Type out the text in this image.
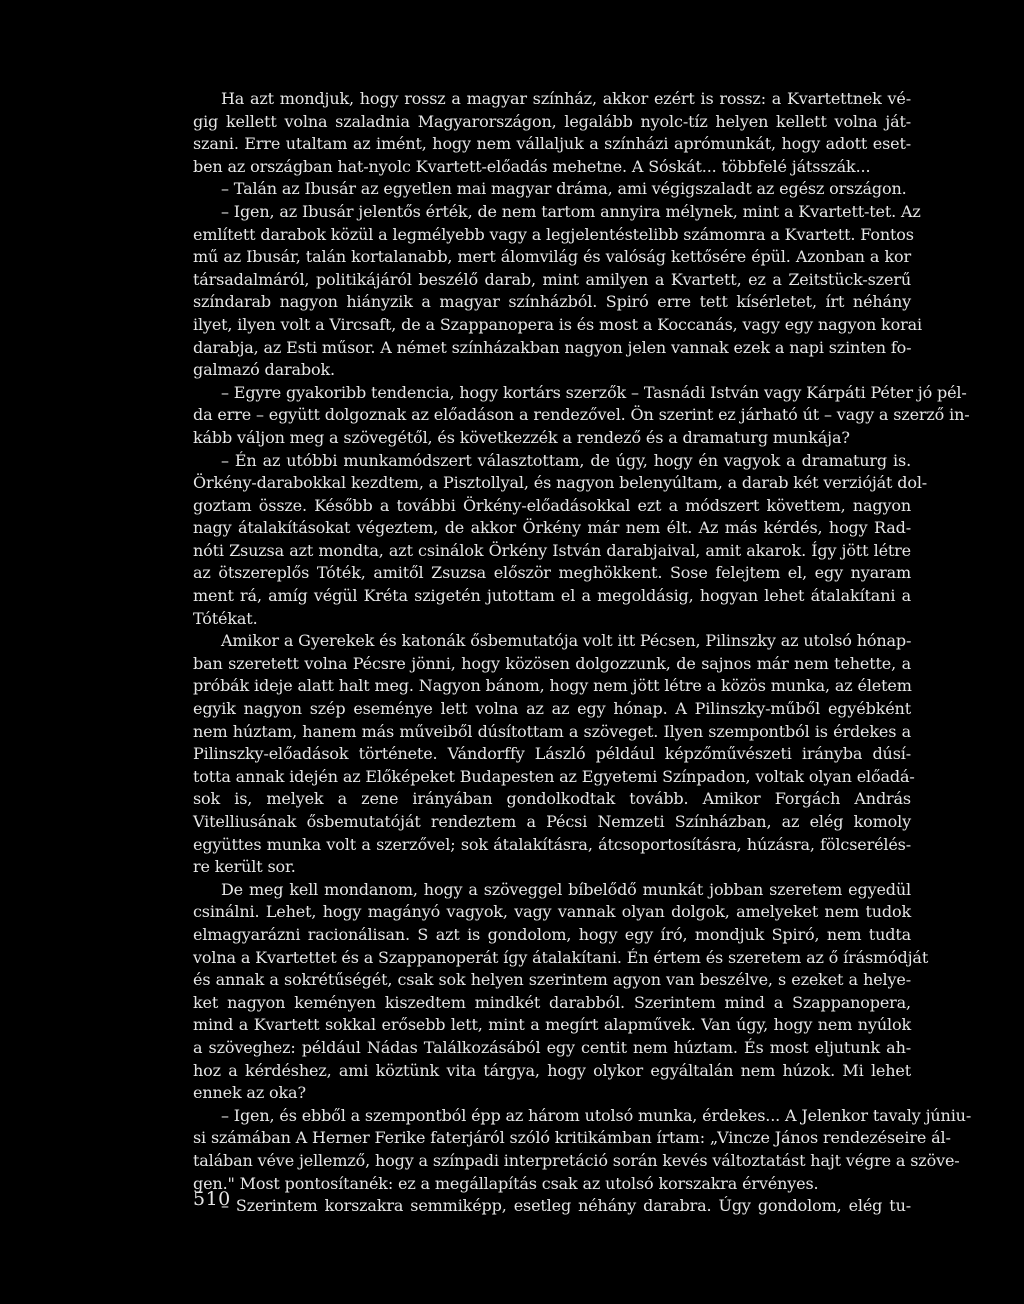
Ha azt mondjuk, hogy rossz a magyar színház, akkor ezért is rossz: a Kvartettnek vé-
gig kellett volna szaladnia Magyarországon, legalább nyolc-tíz helyen kellett volna ját-
szani. Erre utaltam az imént, hogy nem vállaljuk a színházi aprómunkát, hogy adott eset-
ben az országban hat-nyolc Kvartett-előadás mehetne. A Sóskát... többfelé játsszák...
– Talán az Ibusár az egyetlen mai magyar dráma, ami végigszaladt az egész országon.
– Igen, az Ibusár jelentős érték, de nem tartom annyira mélynek, mint a Kvartett-tet. Az
említett darabok közül a legmélyebb vagy a legjelentéstelibb számomra a Kvartett. Fontos
mű az Ibusár, talán kortalanabb, mert álomvilág és valóság kettősére épül. Azonban a kor
társadalmáról, politikájáról beszélő darab, mint amilyen a Kvartett, ez a Zeitstück-szerű
színdarab nagyon hiányzik a magyar színházból. Spiró erre tett kísérletet, írt néhány
ilyet, ilyen volt a Vircsaft, de a Szappanopera is és most a Koccanás, vagy egy nagyon korai
darabja, az Esti műsor. A német színházakban nagyon jelen vannak ezek a napi szinten fo-
galmazó darabok.
– Egyre gyakoribb tendencia, hogy kortárs szerzők – Tasnádi István vagy Kárpáti Péter jó pél-
da erre – együtt dolgoznak az előadáson a rendezővel. Ön szerint ez járható út – vagy a szerző in-
kább váljon meg a szövegétől, és következzék a rendező és a dramaturg munkája?
– Én az utóbbi munkamódszert választottam, de úgy, hogy én vagyok a dramaturg is.
Örkény-darabokkal kezdtem, a Pisztollyal, és nagyon belenyúltam, a darab két verzióját dol-
goztam össze. Később a további Örkény-előadásokkal ezt a módszert követtem, nagyon
nagy átalakításokat végeztem, de akkor Örkény már nem élt. Az más kérdés, hogy Rad-
nóti Zsuzsa azt mondta, azt csinálok Örkény István darabjaival, amit akarok. Így jött létre
az ötszereplős Tóték, amitől Zsuzsa először meghökkent. Sose felejtem el, egy nyaram
ment rá, amíg végül Kréta szigetén jutottam el a megoldásig, hogyan lehet átalakítani a
Tótékat.
Amikor a Gyerekek és katonák ősbemutatója volt itt Pécsen, Pilinszky az utolsó hónap-
ban szeretett volna Pécsre jönni, hogy közösen dolgozzunk, de sajnos már nem tehette, a
próbák ideje alatt halt meg. Nagyon bánom, hogy nem jött létre a közös munka, az életem
egyik nagyon szép eseménye lett volna az az egy hónap. A Pilinszky-műből egyébként
nem húztam, hanem más műveiből dúsítottam a szöveget. Ilyen szempontból is érdekes a
Pilinszky-előadások története. Vándorffy László például képzőművészeti irányba dúsí-
totta annak idején az Előképeket Budapesten az Egyetemi Színpadon, voltak olyan előadá-
sok is, melyek a zene irányában gondolkodtak tovább. Amikor Forgách András
Vitelliusának ősbemutatóját rendeztem a Pécsi Nemzeti Színházban, az elég komoly
együttes munka volt a szerzővel; sok átalakításra, átcsoportosításra, húzásra, fölcserélés-
re került sor.
De meg kell mondanom, hogy a szöveggel bíbelődő munkát jobban szeretem egyedül
csinálni. Lehet, hogy magányó vagyok, vagy vannak olyan dolgok, amelyeket nem tudok
elmagyarázni racionálisan. S azt is gondolom, hogy egy író, mondjuk Spiró, nem tudta
volna a Kvartettet és a Szappanoperát így átalakítani. Én értem és szeretem az ő írásmódját
és annak a sokrétűségét, csak sok helyen szerintem agyon van beszélve, s ezeket a helye-
ket nagyon keményen kiszedtem mindkét darabból. Szerintem mind a Szappanopera,
mind a Kvartett sokkal erősebb lett, mint a megírt alapművek. Van úgy, hogy nem nyúlok
a szöveghez: például Nádas Találkozásából egy centit nem húztam. És most eljutunk ah-
hoz a kérdéshez, ami köztünk vita tárgya, hogy olykor egyáltalán nem húzok. Mi lehet
ennek az oka?
– Igen, és ebből a szempontból épp az három utolsó munka, érdekes... A Jelenkor tavaly júniu-
si számában A Herner Ferike faterjáról szóló kritikámban írtam: „Vincze János rendezéseire ál-
talában véve jellemző, hogy a színpadi interpretáció során kevés változtatást hajt végre a szöve-
gen." Most pontosítanék: ez a megállapítás csak az utolsó korszakra érvényes.
– Szerintem korszakra semmiképp, esetleg néhány darabra. Úgy gondolom, elég tu-
510
